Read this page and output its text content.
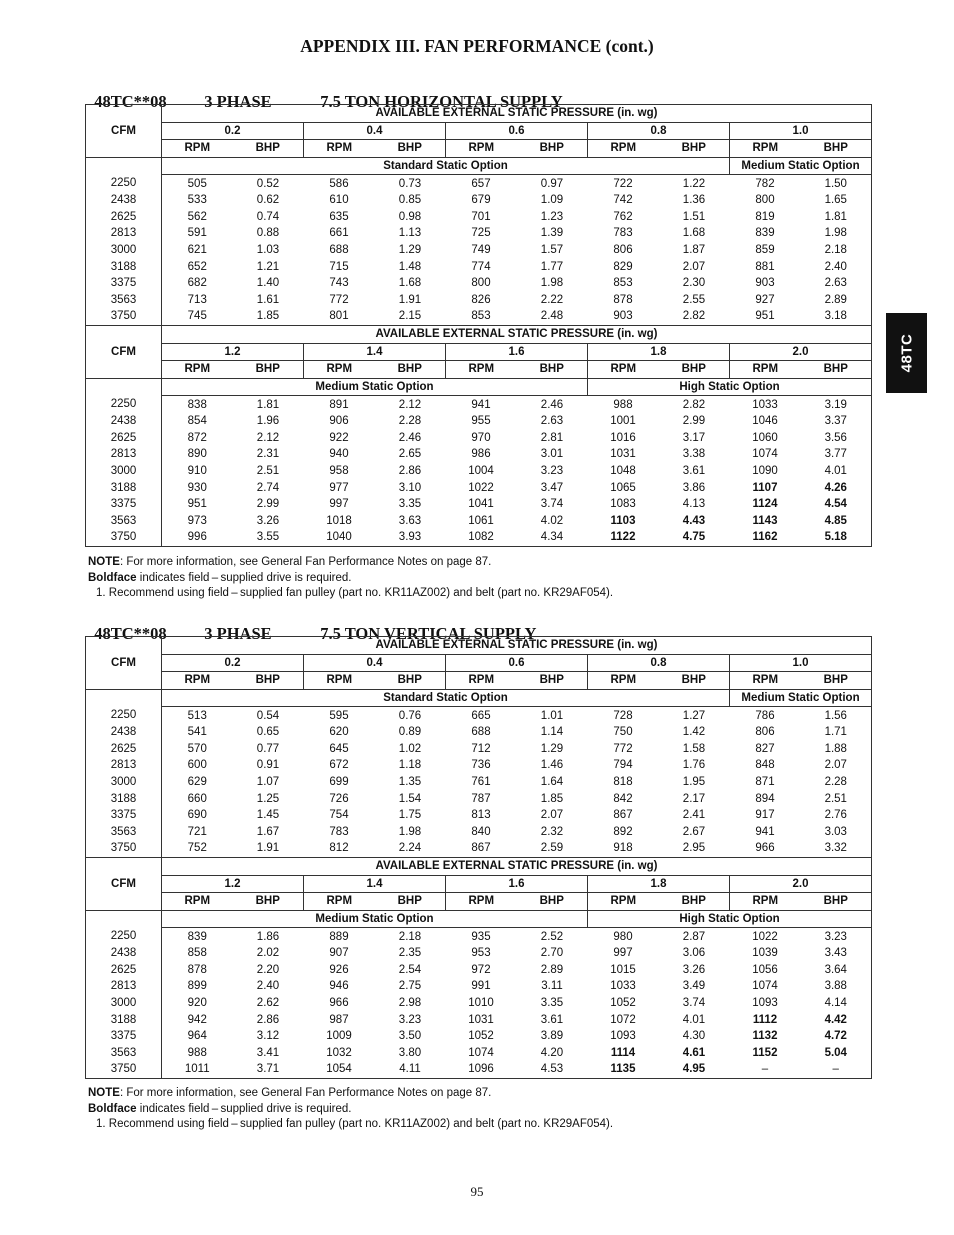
APPENDIX III. FAN PERFORMANCE (cont.)
48TC

48TC**08 3 PHASE	7.5 TON HORIZONTAL SUPPLY

CFM	AVAILABLE EXTERNAL STATIC PRESSURE (in. wg)									
	0.2		0.4		0.6		0.8		1.0	
	RPM	BHP	RPM	BHP	RPM	BHP	RPM	BHP	RPM	BHP
	Standard Static Option								Medium Static Option	
2250	505	0.52	586	0.73	657	0.97	722	1.22	782	1.50
2438	533	0.62	610	0.85	679	1.09	742	1.36	800	1.65
2625	562	0.74	635	0.98	701	1.23	762	1.51	819	1.81
2813	591	0.88	661	1.13	725	1.39	783	1.68	839	1.98
3000	621	1.03	688	1.29	749	1.57	806	1.87	859	2.18
3188	652	1.21	715	1.48	774	1.77	829	2.07	881	2.40
3375	682	1.40	743	1.68	800	1.98	853	2.30	903	2.63
3563	713	1.61	772	1.91	826	2.22	878	2.55	927	2.89
3750	745	1.85	801	2.15	853	2.48	903	2.82	951	3.18
CFM	AVAILABLE EXTERNAL STATIC PRESSURE (in. wg)									
	1.2		1.4		1.6		1.8		2.0	
	RPM	BHP	RPM	BHP	RPM	BHP	RPM	BHP	RPM	BHP
	Medium Static Option						High Static Option			
2250	838	1.81	891	2.12	941	2.46	988	2.82	1033	3.19
2438	854	1.96	906	2.28	955	2.63	1001	2.99	1046	3.37
2625	872	2.12	922	2.46	970	2.81	1016	3.17	1060	3.56
2813	890	2.31	940	2.65	986	3.01	1031	3.38	1074	3.77
3000	910	2.51	958	2.86	1004	3.23	1048	3.61	1090	4.01
3188	930	2.74	977	3.10	1022	3.47	1065	3.86	1107	4.26
3375	951	2.99	997	3.35	1041	3.74	1083	4.13	1124	4.54
3563	973	3.26	1018	3.63	1061	4.02	1103	4.43	1143	4.85
3750	996	3.55	1040	3.93	1082	4.34	1122	4.75	1162	5.18
NOTE: For more information, see General Fan Performance Notes on page 87.
Boldface indicates field – supplied drive is required.
1. Recommend using field – supplied fan pulley (part no. KR11AZ002) and belt (part no. KR29AF054).

48TC**08 3 PHASE	7.5 TON VERTICAL SUPPLY

CFM	AVAILABLE EXTERNAL STATIC PRESSURE (in. wg)									
	0.2		0.4		0.6		0.8		1.0	
	RPM	BHP	RPM	BHP	RPM	BHP	RPM	BHP	RPM	BHP
	Standard Static Option								Medium Static Option	
2250	513	0.54	595	0.76	665	1.01	728	1.27	786	1.56
2438	541	0.65	620	0.89	688	1.14	750	1.42	806	1.71
2625	570	0.77	645	1.02	712	1.29	772	1.58	827	1.88
2813	600	0.91	672	1.18	736	1.46	794	1.76	848	2.07
3000	629	1.07	699	1.35	761	1.64	818	1.95	871	2.28
3188	660	1.25	726	1.54	787	1.85	842	2.17	894	2.51
3375	690	1.45	754	1.75	813	2.07	867	2.41	917	2.76
3563	721	1.67	783	1.98	840	2.32	892	2.67	941	3.03
3750	752	1.91	812	2.24	867	2.59	918	2.95	966	3.32
CFM	AVAILABLE EXTERNAL STATIC PRESSURE (in. wg)									
	1.2		1.4		1.6		1.8		2.0	
	RPM	BHP	RPM	BHP	RPM	BHP	RPM	BHP	RPM	BHP
	Medium Static Option						High Static Option			
2250	839	1.86	889	2.18	935	2.52	980	2.87	1022	3.23
2438	858	2.02	907	2.35	953	2.70	997	3.06	1039	3.43
2625	878	2.20	926	2.54	972	2.89	1015	3.26	1056	3.64
2813	899	2.40	946	2.75	991	3.11	1033	3.49	1074	3.88
3000	920	2.62	966	2.98	1010	3.35	1052	3.74	1093	4.14
3188	942	2.86	987	3.23	1031	3.61	1072	4.01	1112	4.42
3375	964	3.12	1009	3.50	1052	3.89	1093	4.30	1132	4.72
3563	988	3.41	1032	3.80	1074	4.20	1114	4.61	1152	5.04
3750	1011	3.71	1054	4.11	1096	4.53	1135	4.95	–	–
NOTE: For more information, see General Fan Performance Notes on page 87.
Boldface indicates field – supplied drive is required.
1. Recommend using field – supplied fan pulley (part no. KR11AZ002) and belt (part no. KR29AF054).
95
